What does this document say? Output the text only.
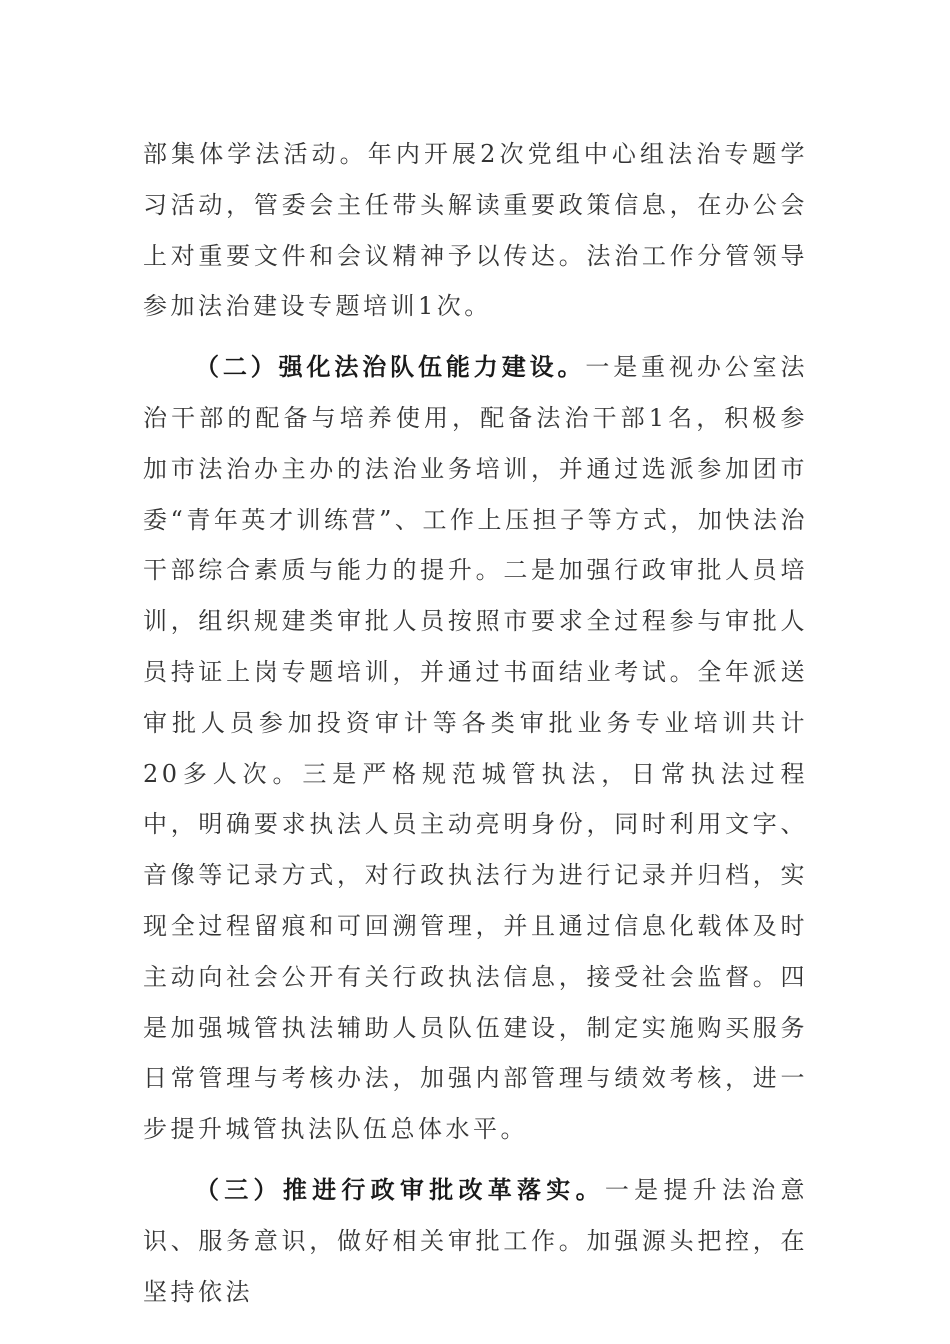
部集体学法活动。年内开展2次党组中心组法治专题学习活动，管委会主任带头解读重要政策信息，在办公会上对重要文件和会议精神予以传达。法治工作分管领导参加法治建设专题培训1次。

（二）强化法治队伍能力建设。一是重视办公室法治干部的配备与培养使用，配备法治干部1名，积极参加市法治办主办的法治业务培训，并通过选派参加团市委“青年英才训练营”、工作上压担子等方式，加快法治干部综合素质与能力的提升。二是加强行政审批人员培训，组织规建类审批人员按照市要求全过程参与审批人员持证上岗专题培训，并通过书面结业考试。全年派送审批人员参加投资审计等各类审批业务专业培训共计20多人次。三是严格规范城管执法，日常执法过程中，明确要求执法人员主动亮明身份，同时利用文字、音像等记录方式，对行政执法行为进行记录并归档，实现全过程留痕和可回溯管理，并且通过信息化载体及时主动向社会公开有关行政执法信息，接受社会监督。四是加强城管执法辅助人员队伍建设，制定实施购买服务日常管理与考核办法，加强内部管理与绩效考核，进一步提升城管执法队伍总体水平。

（三）推进行政审批改革落实。一是提升法治意识、服务意识，做好相关审批工作。加强源头把控，在坚持依法
